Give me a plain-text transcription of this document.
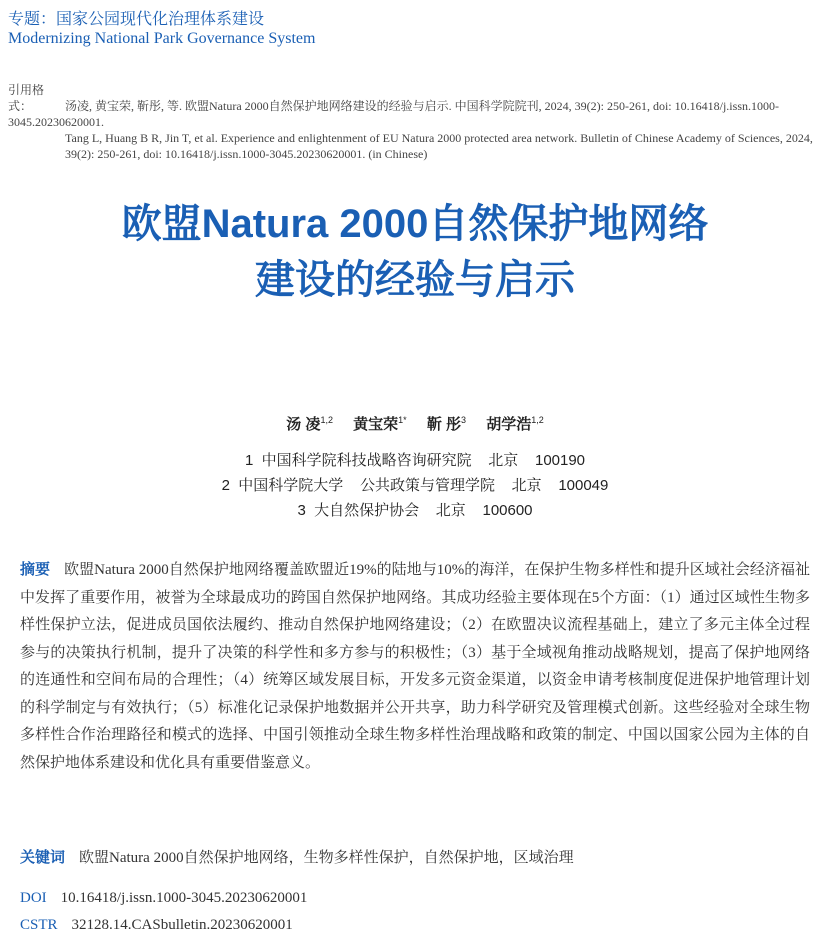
专题：国家公园现代化治理体系建设
Modernizing National Park Governance System
引用格式：	汤凌, 黄宝荣, 靳彤, 等. 欧盟Natura 2000自然保护地网络建设的经验与启示. 中国科学院院刊, 2024, 39(2): 250-261, doi: 10.16418/j.issn.1000-3045.20230620001.
Tang L, Huang B R, Jin T, et al. Experience and enlightenment of EU Natura 2000 protected area network. Bulletin of Chinese Academy of Sciences, 2024, 39(2): 250-261, doi: 10.16418/j.issn.1000-3045.20230620001. (in Chinese)
欧盟Natura 2000自然保护地网络
建设的经验与启示
汤 凌$^{1,2}$ 黄宝荣$^{1*}$ 靳 彤$^3$ 胡学浩$^{1,2}$
1  中国科学院科技战略咨询研究院    北京    100190
2  中国科学院大学    公共政策与管理学院    北京    100049
3  大自然保护协会    北京    100600
摘要 欧盟Natura 2000自然保护地网络覆盖欧盟近19%的陆地与10%的海洋，在保护生物多样性和提升区域社会经济福祉中发挥了重要作用，被誉为全球最成功的跨国自然保护地网络。其成功经验主要体现在5个方面：（1）通过区域性生物多样性保护立法，促进成员国依法履约、推动自然保护地网络建设；（2）在欧盟决议流程基础上，建立了多元主体全过程参与的决策执行机制，提升了决策的科学性和多方参与的积极性；（3）基于全域视角推动战略规划，提高了保护地网络的连通性和空间布局的合理性；（4）统筹区域发展目标，开发多元资金渠道，以资金申请考核制度促进保护地管理计划的科学制定与有效执行；（5）标准化记录保护地数据并公开共享，助力科学研究及管理模式创新。这些经验对全球生物多样性合作治理路径和模式的选择、中国引领推动全球生物多样性治理战略和政策的制定、中国以国家公园为主体的自然保护地体系建设和优化具有重要借鉴意义。
关键词 欧盟Natura 2000自然保护地网络，生物多样性保护，自然保护地，区域治理
DOI 10.16418/j.issn.1000-3045.20230620001
CSTR 32128.14.CASbulletin.20230620001
